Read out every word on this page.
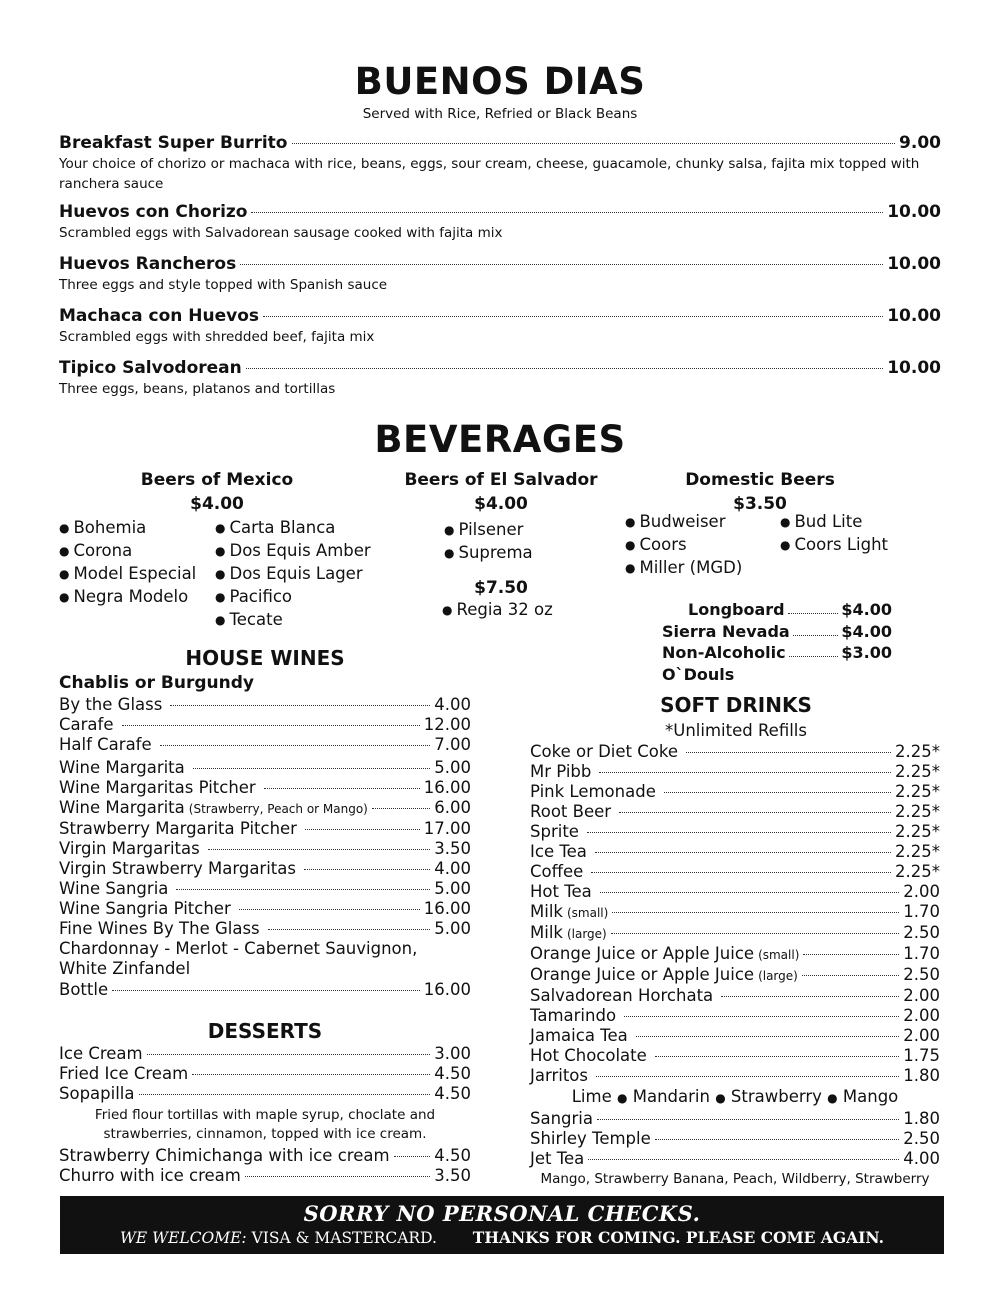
BUENOS DIAS
Served with Rice, Refried or Black Beans
Breakfast Super Burrito	9.00
Your choice of chorizo or machaca with rice, beans, eggs, sour cream, cheese, guacamole, chunky salsa, fajita mix topped with ranchera sauce
Huevos con Chorizo	10.00
Scrambled eggs with Salvadorean sausage cooked with fajita mix
Huevos Rancheros	10.00
Three eggs and style topped with Spanish sauce
Machaca con Huevos	10.00
Scrambled eggs with shredded beef, fajita mix
Tipico Salvodorean	10.00
Three eggs, beans, platanos and tortillas
BEVERAGES
Beers of Mexico
$4.00
● Bohemia
● Corona
● Model Especial
● Negra Modelo
● Carta Blanca
● Dos Equis Amber
● Dos Equis Lager
● Pacifico
● Tecate
Beers of El Salvador
$4.00
● Pilsener
● Suprema
$7.50
● Regia 32 oz
Domestic Beers
$3.50
● Budweiser
● Coors
● Miller (MGD)
● Bud Lite
● Coors Light
Longboard	$4.00
Sierra Nevada	$4.00
Non-Alcoholic	$3.00
O`Douls
HOUSE WINES
Chablis or Burgundy
By the Glass	4.00
Carafe	12.00
Half Carafe	7.00
Wine Margarita	5.00
Wine Margaritas Pitcher	16.00
Wine Margarita (Strawberry, Peach or Mango)	6.00
Strawberry Margarita Pitcher	17.00
Virgin Margaritas	3.50
Virgin Strawberry Margaritas	4.00
Wine Sangria	5.00
Wine Sangria Pitcher	16.00
Fine Wines By The Glass	5.00
Chardonnay - Merlot - Cabernet Sauvignon,
White Zinfandel
Bottle	16.00
DESSERTS
Ice Cream	3.00
Fried Ice Cream	4.50
Sopapilla	4.50
Fried flour tortillas with maple syrup, choclate and
strawberries, cinnamon, topped with ice cream.
Strawberry Chimichanga with ice cream	4.50
Churro with ice cream	3.50
SOFT DRINKS
*Unlimited Refills
Coke or Diet Coke	2.25*
Mr Pibb	2.25*
Pink Lemonade	2.25*
Root Beer	2.25*
Sprite	2.25*
Ice Tea	2.25*
Coffee	2.25*
Hot Tea	2.00
Milk (small)	1.70
Milk (large)	2.50
Orange Juice or Apple Juice (small)	1.70
Orange Juice or Apple Juice (large)	2.50
Salvadorean Horchata	2.00
Tamarindo	2.00
Jamaica Tea	2.00
Hot Chocolate	1.75
Jarritos	1.80
Lime ● Mandarin ● Strawberry ● Mango
Sangria	1.80
Shirley Temple	2.50
Jet Tea	4.00
Mango, Strawberry Banana, Peach, Wildberry, Strawberry
SORRY NO PERSONAL CHECKS.
WE WELCOME: VISA & MASTERCARD. THANKS FOR COMING. PLEASE COME AGAIN.
